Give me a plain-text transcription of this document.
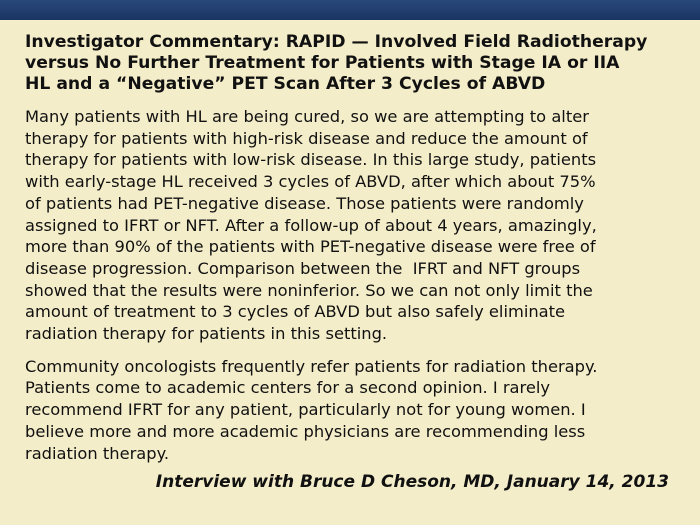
Investigator Commentary: RAPID — Involved Field Radiotherapy
versus No Further Treatment for Patients with Stage IA or IIA
HL and a “Negative” PET Scan After 3 Cycles of ABVD
Many patients with HL are being cured, so we are attempting to alter
therapy for patients with high-risk disease and reduce the amount of
therapy for patients with low-risk disease. In this large study, patients
with early-stage HL received 3 cycles of ABVD, after which about 75%
of patients had PET-negative disease. Those patients were randomly
assigned to IFRT or NFT. After a follow-up of about 4 years, amazingly,
more than 90% of the patients with PET-negative disease were free of
disease progression. Comparison between the  IFRT and NFT groups
showed that the results were noninferior. So we can not only limit the
amount of treatment to 3 cycles of ABVD but also safely eliminate
radiation therapy for patients in this setting.
Community oncologists frequently refer patients for radiation therapy.
Patients come to academic centers for a second opinion. I rarely
recommend IFRT for any patient, particularly not for young women. I
believe more and more academic physicians are recommending less
radiation therapy.
Interview with Bruce D Cheson, MD, January 14, 2013
